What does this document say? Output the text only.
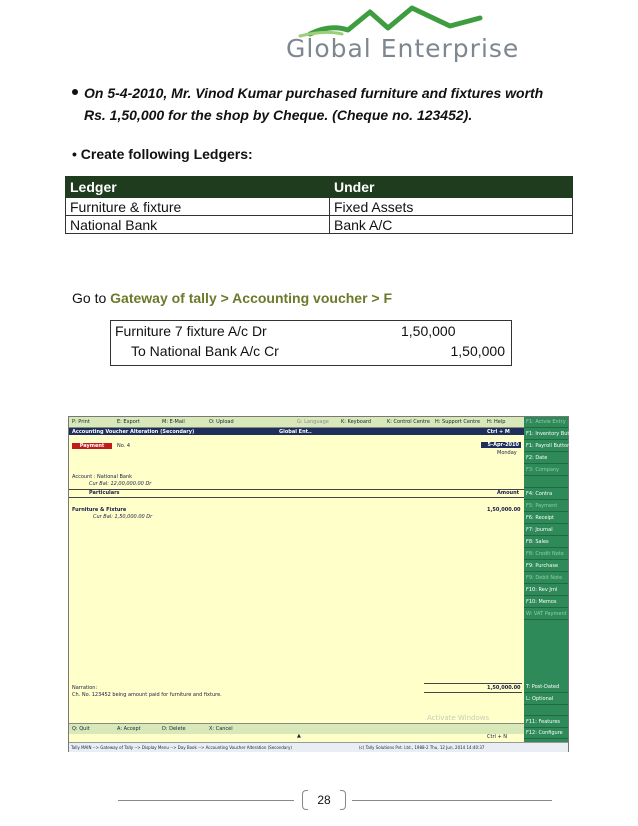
Global Enterprise
On 5-4-2010, Mr. Vinod Kumar purchased furniture and fixtures worth Rs. 1,50,000 for the shop by Cheque. (Cheque no. 123452).
• Create following Ledgers:
Ledger	Under
Furniture & fixture	Fixed Assets
National Bank	Bank A/C
Go to Gateway of tally > Accounting voucher > F
Furniture 7 fixture A/c Dr	1,50,000
To National Bank A/c Cr	1,50,000
P: Print	E: Export	M: E-Mail	O: Upload	G: Language K: Keyboard	K: Control Centre H: Support Centre H: Help
Accounting Voucher Alteration (Secondary)	Global Ent..	Ctrl + M
Payment	No. 4	5-Apr-2010
Monday
Account : National Bank
Cur Bal: 12,00,000.00 Dr
Particulars	Amount
Furniture & Fixture
Cur Bal: 1,50,000.00 Dr
1,50,000.00
Narration:	1,50,000.00
Ch. No. 123452 being amount paid for furniture and fixture.
Activate Windows
Q: Quit	A: Accept	D: Delete	X: Cancel
▲	Ctrl + N
F1: Actvie Entry
F1: Inventory Buttons
F1: Payroll Buttons
F2: Date
F3: Company
F4: Contra
F5: Payment
F6: Receipt
F7: Journal
F8: Sales
F8: Credit Note
F9: Purchase
F9: Debit Note
F10: Rev Jrnl
F10: Memos
W: VAT Payment
T: Post-Dated
L: Optional
F11: Features
F12: Configure
Tally MAIN --> Gateway of Tally --> Display Menu --> Day Book --> Accounting Voucher Alteration (Secondary)	(c) Tally Solutions Pvt. Ltd., 1988-2 Thu, 12 Jun, 2014 14:40:37
28
